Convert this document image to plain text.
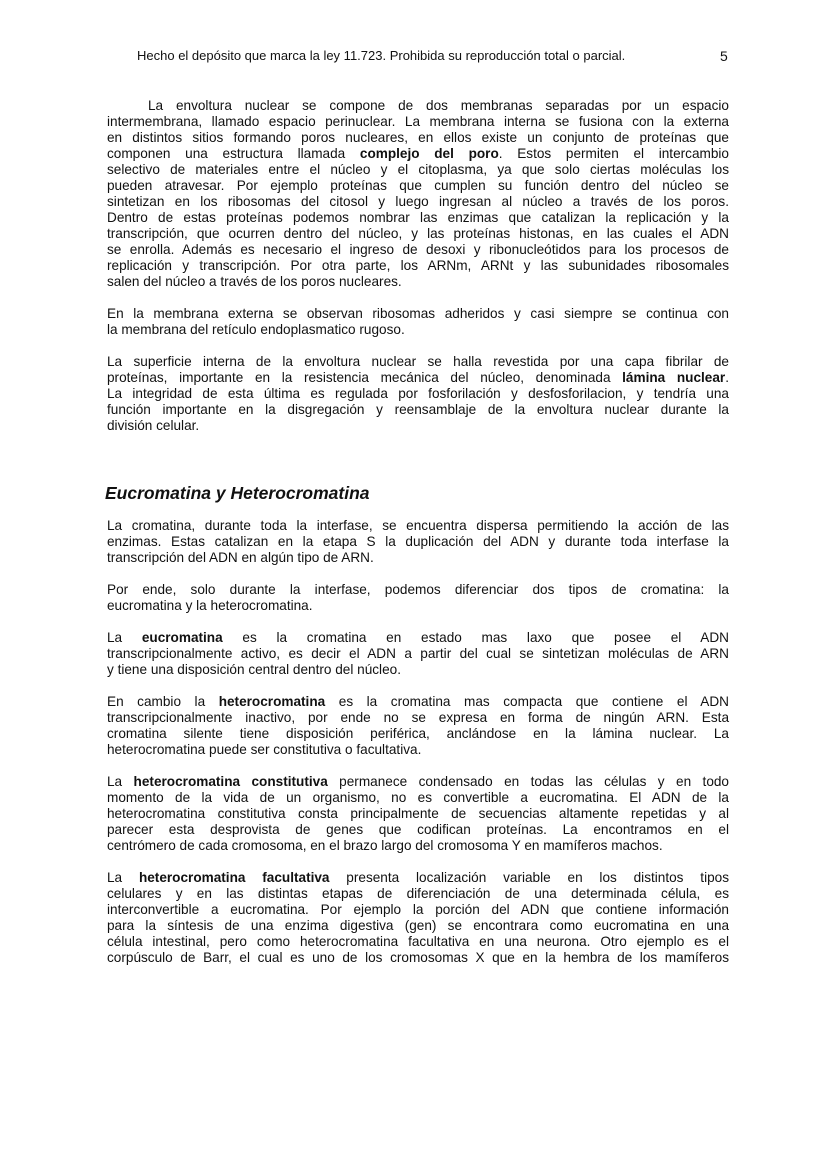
Hecho el depósito que marca la ley 11.723. Prohibida su reproducción total o parcial.	5
La envoltura nuclear se compone de dos membranas separadas por un espacio
intermembrana, llamado espacio perinuclear. La membrana interna se fusiona con la externa
en distintos sitios formando poros nucleares, en ellos existe un conjunto de proteínas que
componen una estructura llamada complejo del poro. Estos permiten el intercambio
selectivo de materiales entre el núcleo y el citoplasma, ya que solo ciertas moléculas los
pueden atravesar. Por ejemplo proteínas que cumplen su función dentro del núcleo se
sintetizan en los ribosomas del citosol y luego ingresan al núcleo a través de los poros.
Dentro de estas proteínas podemos nombrar las enzimas que catalizan la replicación y la
transcripción, que ocurren dentro del núcleo, y las proteínas histonas, en las cuales el ADN
se enrolla. Además es necesario el ingreso de desoxi y ribonucleótidos para los procesos de
replicación y transcripción. Por otra parte, los ARNm, ARNt y las subunidades ribosomales
salen del núcleo a través de los poros nucleares.
En la membrana externa se observan ribosomas adheridos y casi siempre se continua con
la membrana del retículo endoplasmatico rugoso.
La superficie interna de la envoltura nuclear se halla revestida por una capa fibrilar de
proteínas, importante en la resistencia mecánica del núcleo, denominada lámina nuclear.
La integridad de esta última es regulada por fosforilación y desfosforilacion, y tendría una
función importante en la disgregación y reensamblaje de la envoltura nuclear durante la
división celular.
Eucromatina y Heterocromatina
La cromatina, durante toda la interfase, se encuentra dispersa permitiendo la acción de las
enzimas. Estas catalizan en la etapa S la duplicación del ADN y durante toda interfase la
transcripción del ADN en algún tipo de ARN.
Por ende, solo durante la interfase, podemos diferenciar dos tipos de cromatina: la
eucromatina y la heterocromatina.
La eucromatina es la cromatina en estado mas laxo que posee el ADN
transcripcionalmente activo, es decir el ADN a partir del cual se sintetizan moléculas de ARN
y tiene una disposición central dentro del núcleo.
En cambio la heterocromatina es la cromatina mas compacta que contiene el ADN
transcripcionalmente inactivo, por ende no se expresa en forma de ningún ARN. Esta
cromatina silente tiene disposición periférica, anclándose en la lámina nuclear. La
heterocromatina puede ser constitutiva o facultativa.
La heterocromatina constitutiva permanece condensado en todas las células y en todo
momento de la vida de un organismo, no es convertible a eucromatina. El ADN de la
heterocromatina constitutiva consta principalmente de secuencias altamente repetidas y al
parecer esta desprovista de genes que codifican proteínas. La encontramos en el
centrómero de cada cromosoma, en el brazo largo del cromosoma Y en mamíferos machos.
La heterocromatina facultativa presenta localización variable en los distintos tipos
celulares y en las distintas etapas de diferenciación de una determinada célula, es
interconvertible a eucromatina. Por ejemplo la porción del ADN que contiene información
para la síntesis de una enzima digestiva (gen) se encontrara como eucromatina en una
célula intestinal, pero como heterocromatina facultativa en una neurona. Otro ejemplo es el
corpúsculo de Barr, el cual es uno de los cromosomas X que en la hembra de los mamíferos
